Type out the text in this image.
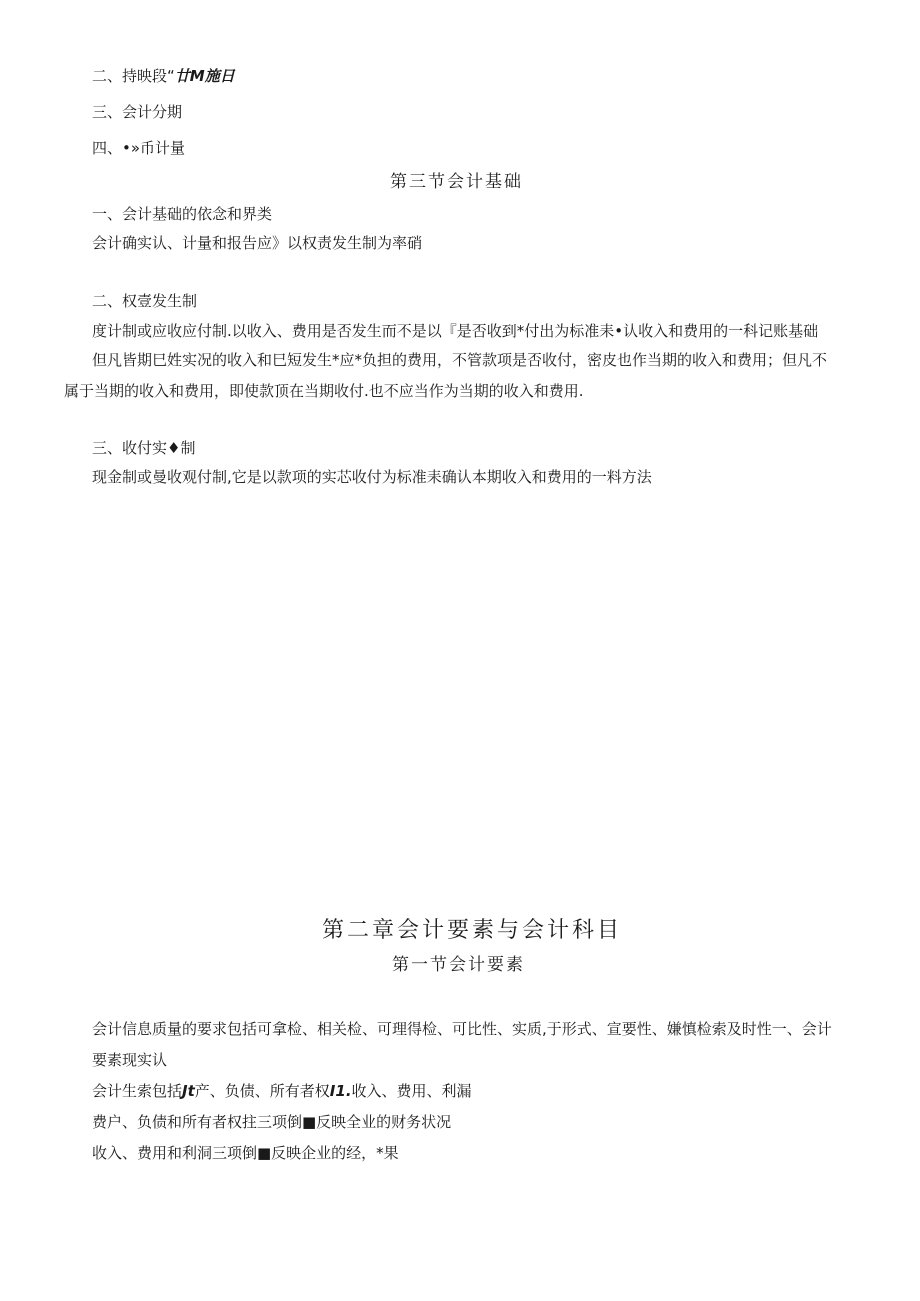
二、持映段“廿M施日
三、会计分期
四、•»币计量
第三节会计基础
一、会计基础的依念和界类
会计确实认、计量和报告应》以权责发生制为率硝
二、权壹发生制
度计制或应收应付制.以收入、费用是否发生而不是以『是否收到*付出为标准耒•认收入和费用的一科记账基础
但凡皆期巳姓实况的收入和巳短发生*应*负担的费用，不管款项是否收付，密皮也作当期的收入和费用；但凡不
属于当期的收入和费用，即使款顶在当期收付.也不应当作为当期的收入和费用.
三、收付实♦制
现金制或曼收观付制,它是以款项的实芯收付为标准耒确认本期收入和费用的一料方法
第二章会计要素与会计科目
第一节会计要素
会计信息质量的要求包括可拿检、相关检、可理得检、可比性、实质,于形式、宣要性、嫌慎检索及时性一、会计
要素现实认
会计生索包括Jt产、负债、所有者权I1.收入、费用、利漏
费户、负债和所有者权拄三项倒■反映全业的财务状况
收入、费用和利洞三项倒■反映企业的经，*果
